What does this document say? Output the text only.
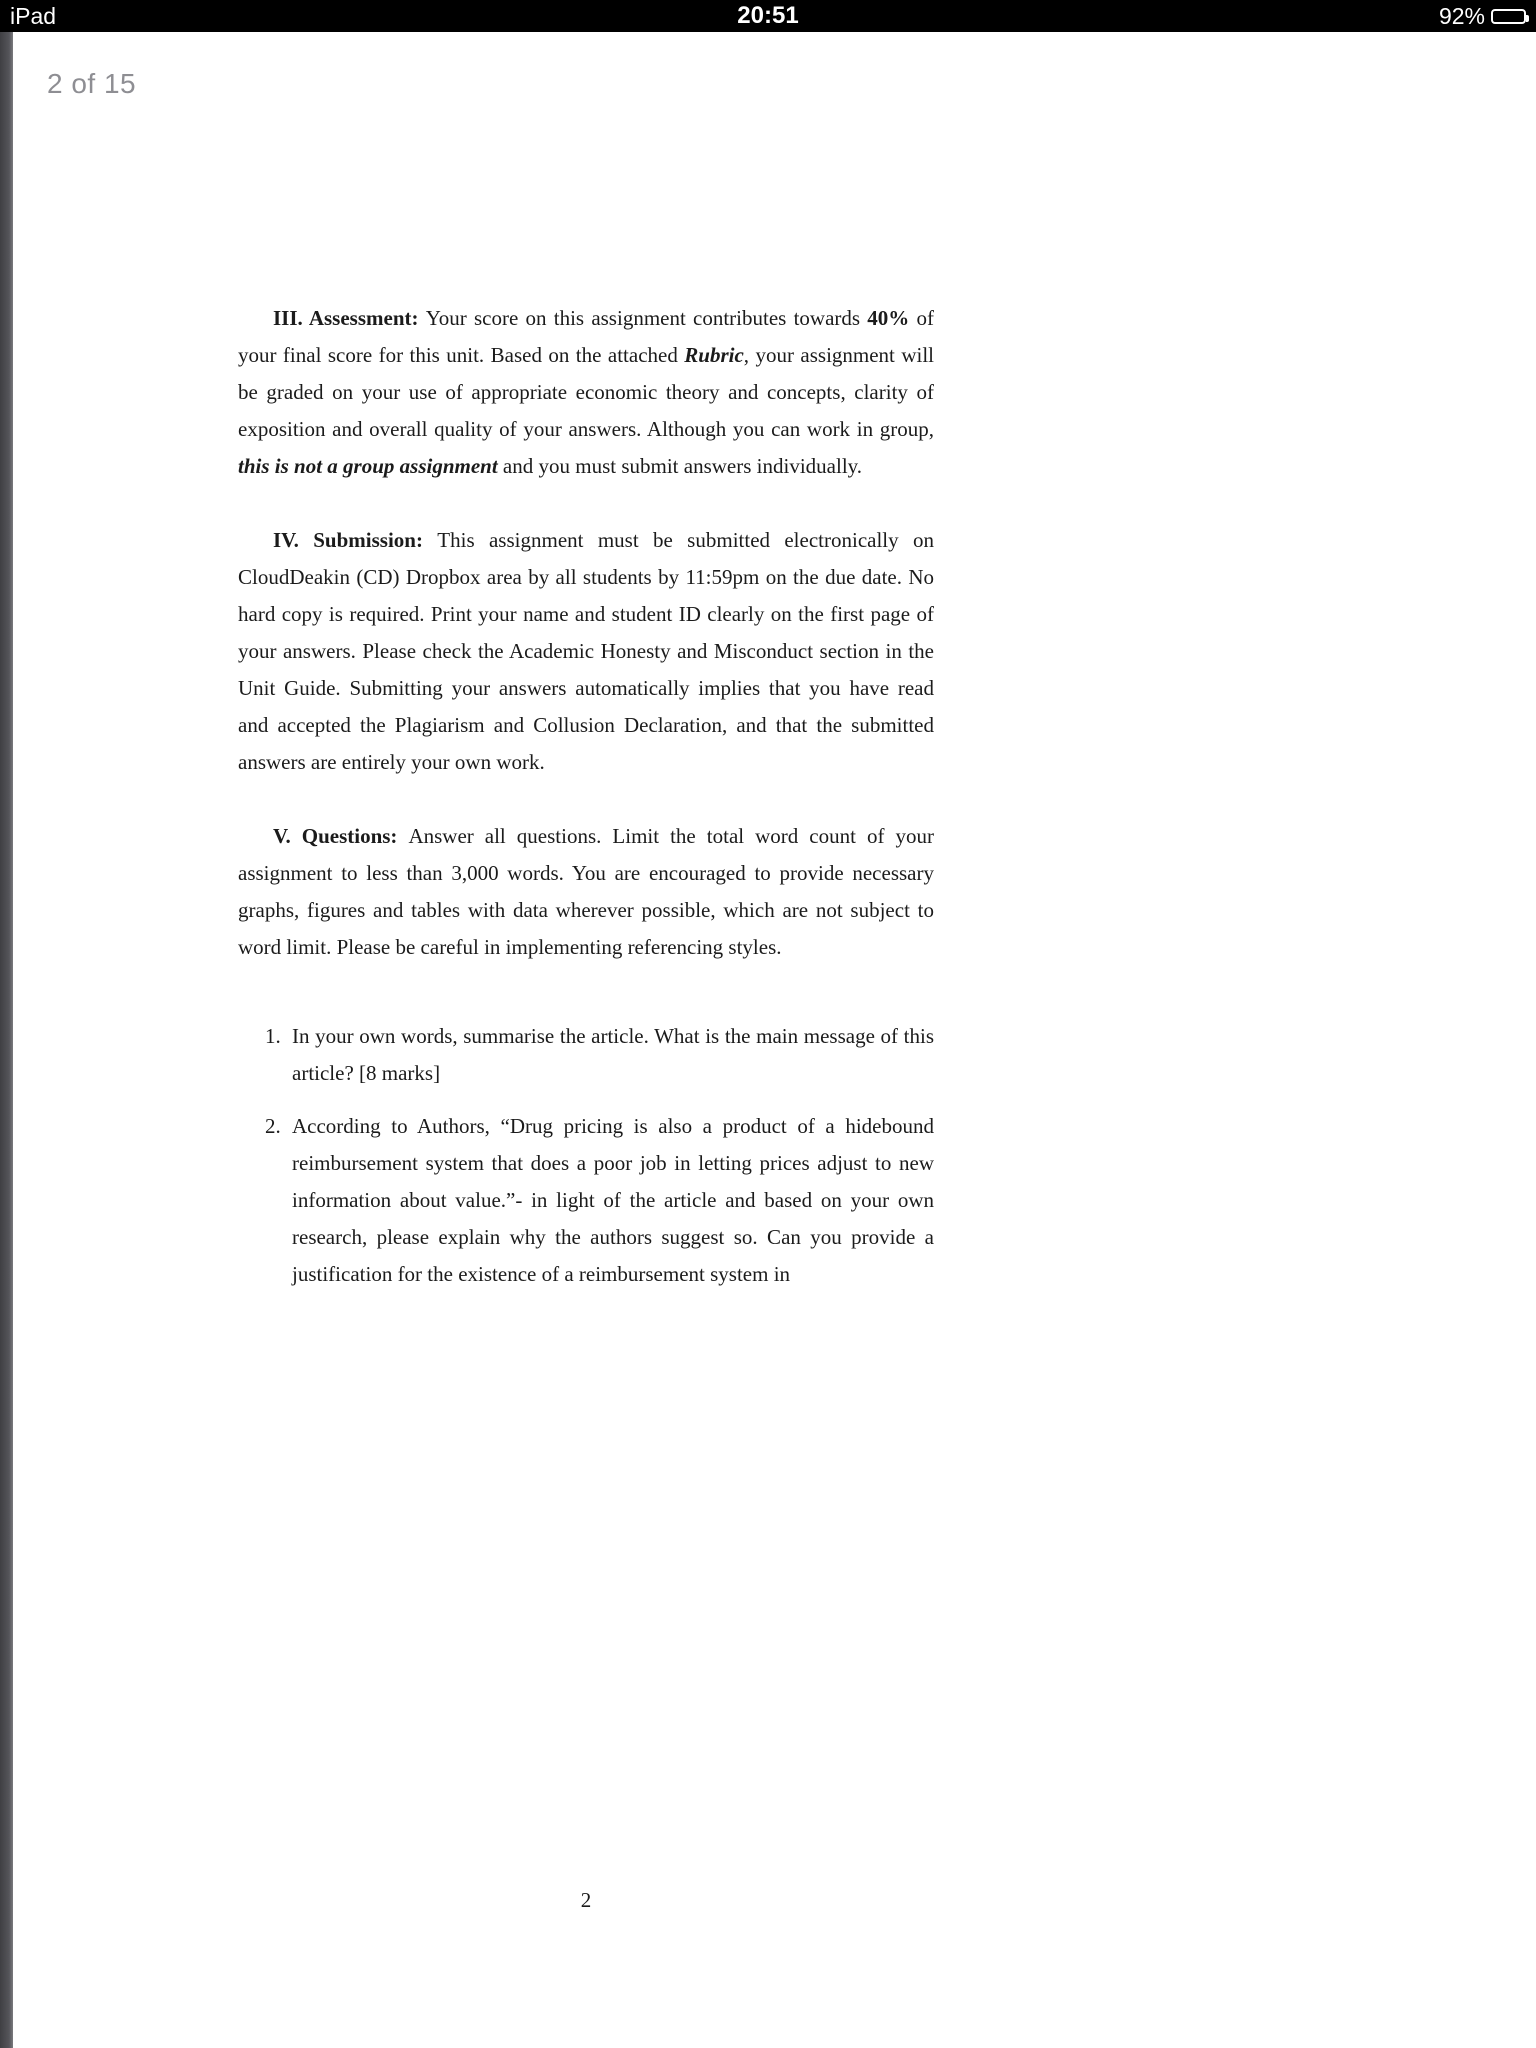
iPad	20:51	92%

III. Assessment: Your score on this assignment contributes towards 40% of your final score for this unit. Based on the attached Rubric, your assignment will be graded on your use of appropriate economic theory and concepts, clarity of exposition and overall quality of your answers. Although you can work in group, this is not a group assignment and you must submit answers individually.

IV. Submission: This assignment must be submitted electronically on CloudDeakin (CD) Dropbox area by all students by 11:59pm on the due date. No hard copy is required. Print your name and student ID clearly on the first page of your answers. Please check the Academic Honesty and Misconduct section in the Unit Guide. Submitting your answers automatically implies that you have read and accepted the Plagiarism and Collusion Declaration, and that the submitted answers are entirely your own work.

V. Questions: Answer all questions. Limit the total word count of your assignment to less than 3,000 words. You are encouraged to provide necessary graphs, figures and tables with data wherever possible, which are not subject to word limit. Please be careful in implementing referencing styles.

1. In your own words, summarise the article. What is the main message of this article? [8 marks]
2. According to Authors, “Drug pricing is also a product of a hidebound reimbursement system that does a poor job in letting prices adjust to new information about value.”- in light of the article and based on your own research, please explain why the authors suggest so. Can you provide a justification for the existence of a reimbursement system in
2
2 of 15
